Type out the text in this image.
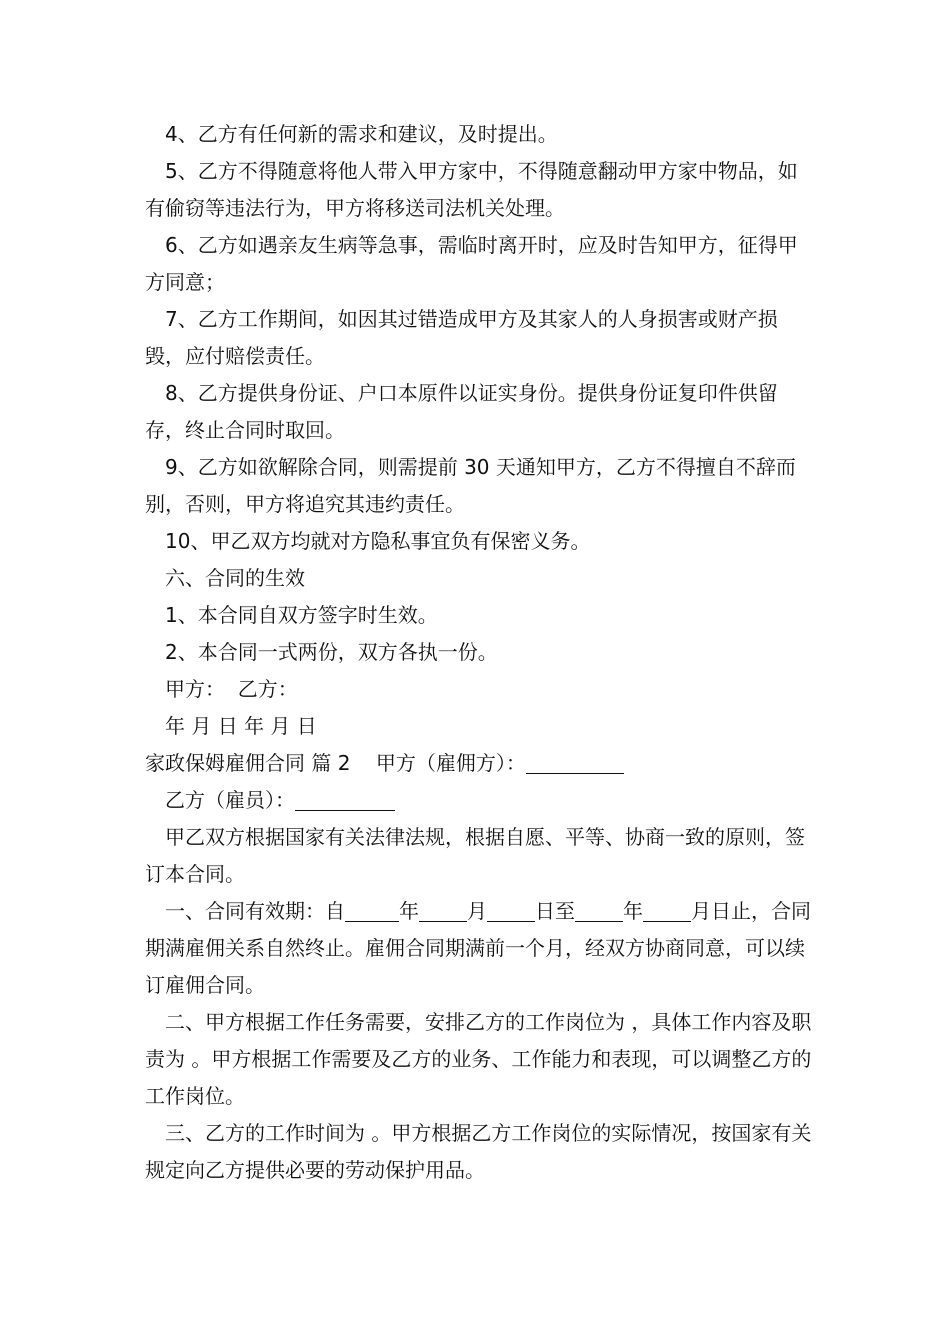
4、乙方有任何新的需求和建议，及时提出。

5、乙方不得随意将他人带入甲方家中，不得随意翻动甲方家中物品，如有偷窃等违法行为，甲方将移送司法机关处理。

6、乙方如遇亲友生病等急事，需临时离开时，应及时告知甲方，征得甲方同意；

7、乙方工作期间，如因其过错造成甲方及其家人的人身损害或财产损毁，应付赔偿责任。

8、乙方提供身份证、户口本原件以证实身份。提供身份证复印件供留存，终止合同时取回。

9、乙方如欲解除合同，则需提前 30 天通知甲方，乙方不得擅自不辞而别，否则，甲方将追究其违约责任。

10、甲乙双方均就对方隐私事宜负有保密义务。

六、合同的生效

1、本合同自双方签字时生效。

2、本合同一式两份，双方各执一份。

甲方：  乙方：

年 月 日 年 月 日

家政保姆雇佣合同 篇 2    甲方（雇佣方）：

乙方（雇员）：

甲乙双方根据国家有关法律法规，根据自愿、平等、协商一致的原则，签订本合同。

一、合同有效期：自	年 月 日至 年 月日止，合同期满雇佣关系自然终止。雇佣合同期满前一个月，经双方协商同意，可以续订雇佣合同。

二、甲方根据工作任务需要，安排乙方的工作岗位为 ，具体工作内容及职责为 。甲方根据工作需要及乙方的业务、工作能力和表现，可以调整乙方的工作岗位。

三、乙方的工作时间为 。甲方根据乙方工作岗位的实际情况，按国家有关规定向乙方提供必要的劳动保护用品。
